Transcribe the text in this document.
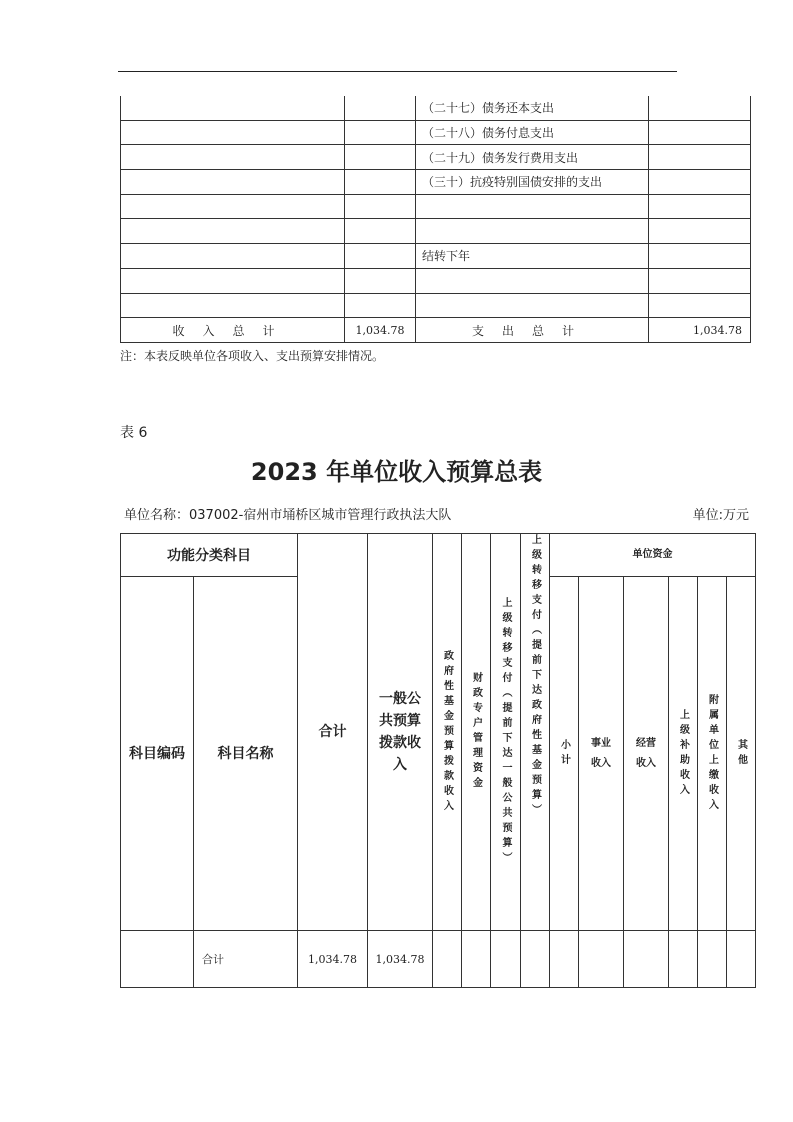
		（二十七）债务还本支出	
		（二十八）债务付息支出	
		（二十九）债务发行费用支出	
		（三十）抗疫特别国债安排的支出	

		结转下年	

收入总计	1,034.78	支出总计	1,034.78
注：本表反映单位各项收入、支出预算安排情况。
表 6
2023 年单位收入预算总表
单位名称：037002-宿州市埇桥区城市管理行政执法大队	单位:万元
功能分类科目		合计	一般公共预算拨款收入	政府性基金预算拨款收入	财政专户管理资金	上级转移支付（提前下达一般公共预算）	上级转移支付（提前下达政府性基金预算）	单位资金					
科目编码	科目名称							小计	事业收入	经营收入	上级补助收入	附属单位上缴收入	其他

	合计	1,034.78	1,034.78										
